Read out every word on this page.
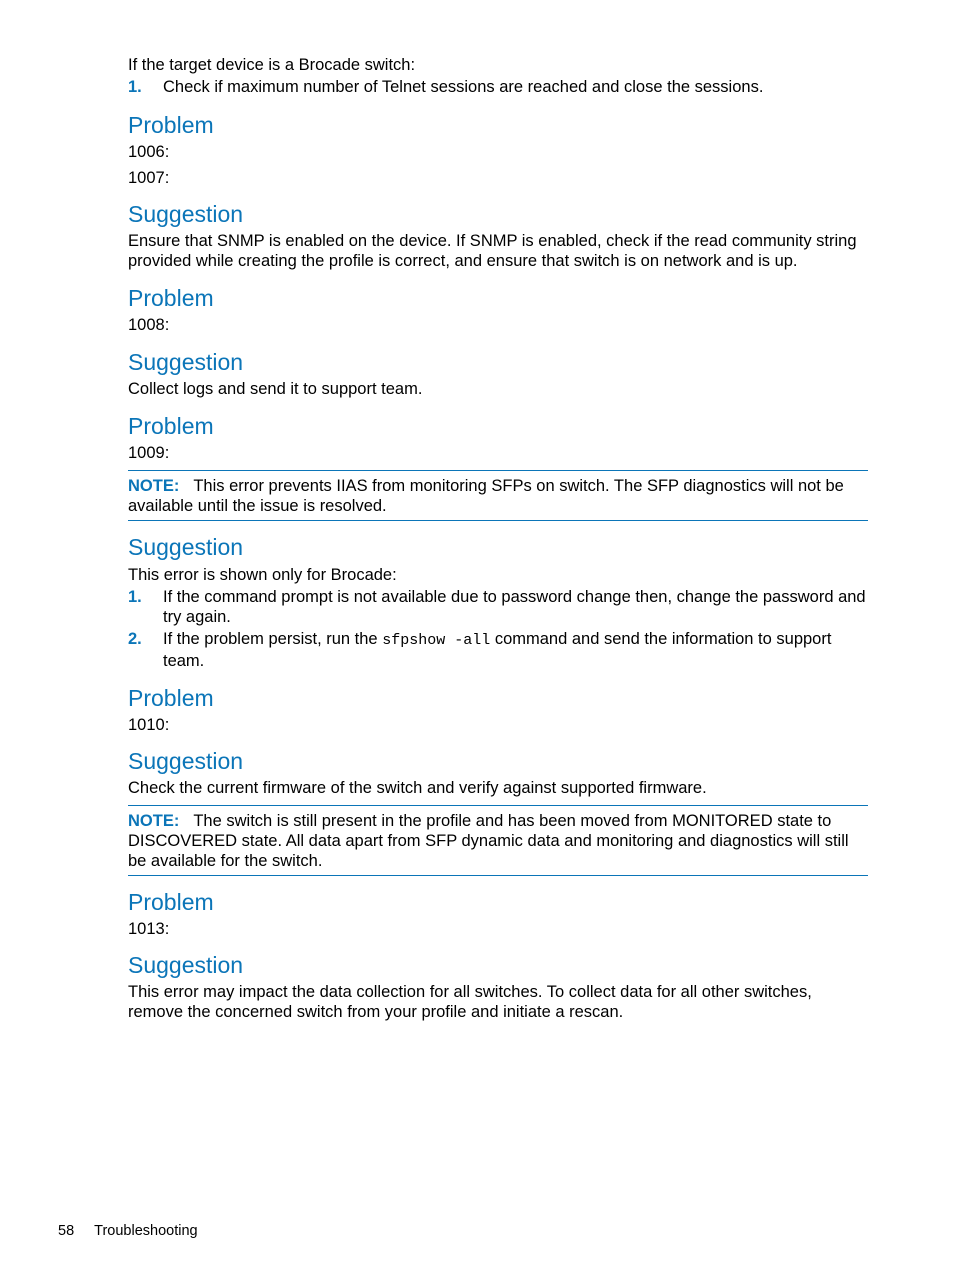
If the target device is a Brocade switch:

1.	Check if maximum number of Telnet sessions are reached and close the sessions.
Problem

1006:

1007:

Suggestion

Ensure that SNMP is enabled on the device. If SNMP is enabled, check if the read community string provided while creating the profile is correct, and ensure that switch is on network and is up.

Problem

1008:

Suggestion

Collect logs and send it to support team.

Problem

1009:

NOTE: This error prevents IIAS from monitoring SFPs on switch. The SFP diagnostics will not be available until the issue is resolved.
Suggestion

This error is shown only for Brocade:

1.	If the command prompt is not available due to password change then, change the password and try again.
2.	If the problem persist, run the sfpshow -all command and send the information to support team.
Problem

1010:

Suggestion

Check the current firmware of the switch and verify against supported firmware.

NOTE: The switch is still present in the profile and has been moved from MONITORED state to DISCOVERED state. All data apart from SFP dynamic data and monitoring and diagnostics will still be available for the switch.
Problem

1013:

Suggestion

This error may impact the data collection for all switches. To collect data for all other switches, remove the concerned switch from your profile and initiate a rescan.

58 Troubleshooting
